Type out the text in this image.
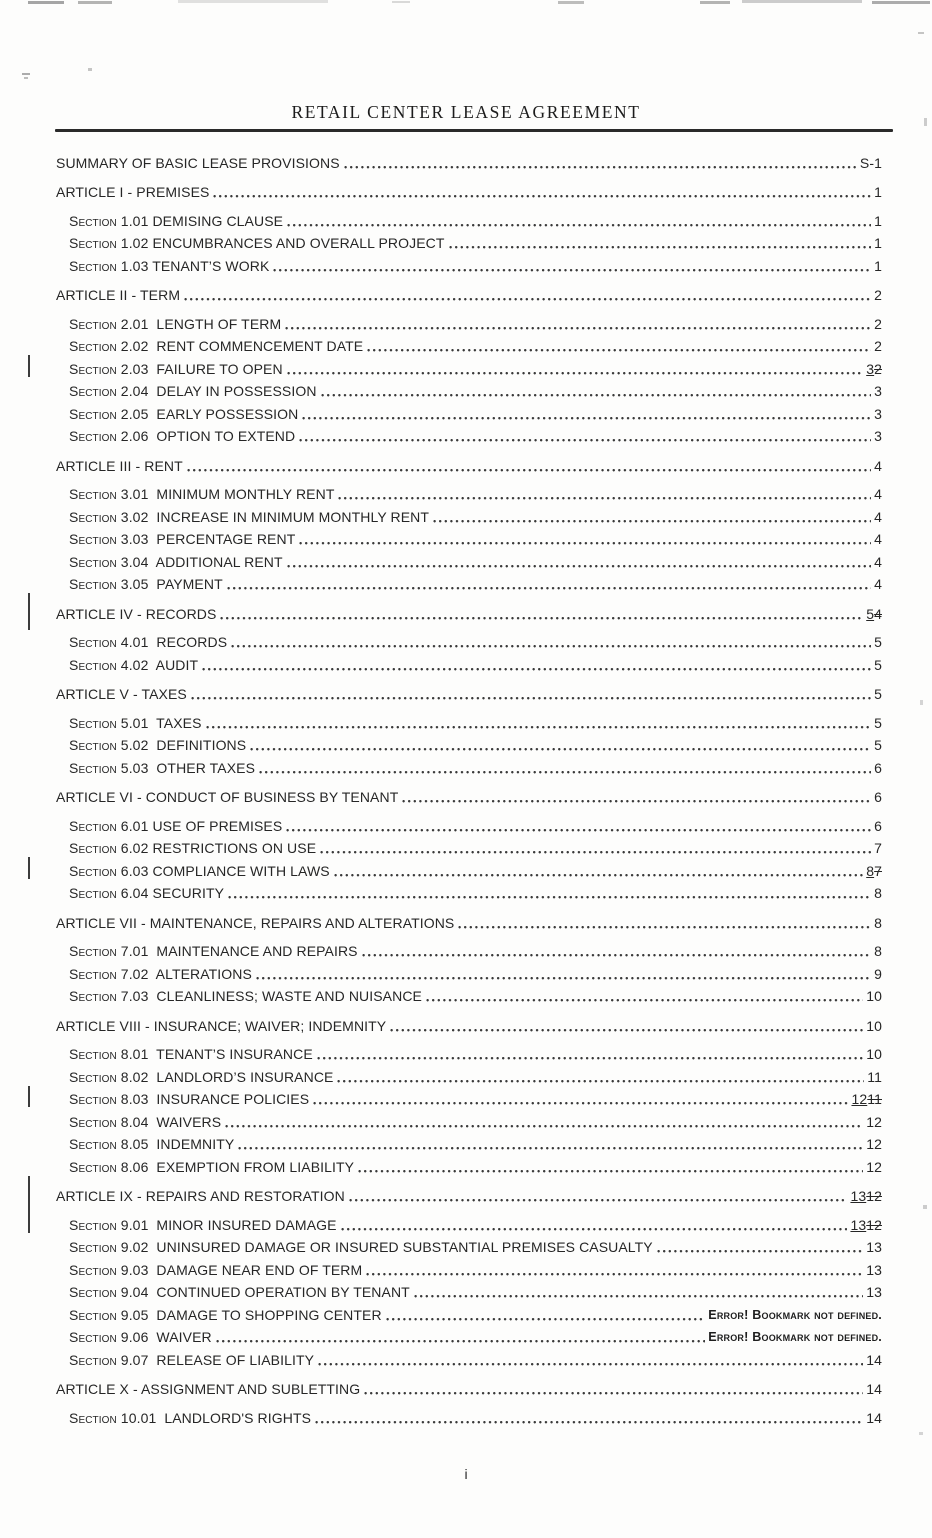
RETAIL CENTER LEASE AGREEMENT
SUMMARY OF BASIC LEASE PROVISIONS	S-1
ARTICLE I - PREMISES	1
Section 1.01 DEMISING CLAUSE	1
Section 1.02 ENCUMBRANCES AND OVERALL PROJECT	1
Section 1.03 TENANT’S WORK	1
ARTICLE II - TERM	2
Section 2.01  LENGTH OF TERM	2
Section 2.02  RENT COMMENCEMENT DATE	2
Section 2.03  FAILURE TO OPEN	32
Section 2.04  DELAY IN POSSESSION	3
Section 2.05  EARLY POSSESSION	3
Section 2.06  OPTION TO EXTEND	3
ARTICLE III - RENT	4
Section 3.01  MINIMUM MONTHLY RENT	4
Section 3.02  INCREASE IN MINIMUM MONTHLY RENT	4
Section 3.03  PERCENTAGE RENT	4
Section 3.04  ADDITIONAL RENT	4
Section 3.05  PAYMENT	4
ARTICLE IV - RECORDS	54
Section 4.01  RECORDS	5
Section 4.02  AUDIT	5
ARTICLE V - TAXES	5
Section 5.01  TAXES	5
Section 5.02  DEFINITIONS	5
Section 5.03  OTHER TAXES	6
ARTICLE VI - CONDUCT OF BUSINESS BY TENANT	6
Section 6.01 USE OF PREMISES	6
Section 6.02 RESTRICTIONS ON USE	7
Section 6.03 COMPLIANCE WITH LAWS	87
Section 6.04 SECURITY	8
ARTICLE VII - MAINTENANCE, REPAIRS AND ALTERATIONS	8
Section 7.01  MAINTENANCE AND REPAIRS	8
Section 7.02  ALTERATIONS	9
Section 7.03  CLEANLINESS; WASTE AND NUISANCE	10
ARTICLE VIII - INSURANCE; WAIVER; INDEMNITY	10
Section 8.01  TENANT’S INSURANCE	10
Section 8.02  LANDLORD’S INSURANCE	11
Section 8.03  INSURANCE POLICIES	1211
Section 8.04  WAIVERS	12
Section 8.05  INDEMNITY	12
Section 8.06  EXEMPTION FROM LIABILITY	12
ARTICLE IX - REPAIRS AND RESTORATION	1312
Section 9.01  MINOR INSURED DAMAGE	1312
Section 9.02  UNINSURED DAMAGE OR INSURED SUBSTANTIAL PREMISES CASUALTY	13
Section 9.03  DAMAGE NEAR END OF TERM	13
Section 9.04  CONTINUED OPERATION BY TENANT	13
Section 9.05  DAMAGE TO SHOPPING CENTER	Error! Bookmark not defined.
Section 9.06  WAIVER	Error! Bookmark not defined.
Section 9.07  RELEASE OF LIABILITY	14
ARTICLE X - ASSIGNMENT AND SUBLETTING	14
Section 10.01  LANDLORD'S RIGHTS	14
i
